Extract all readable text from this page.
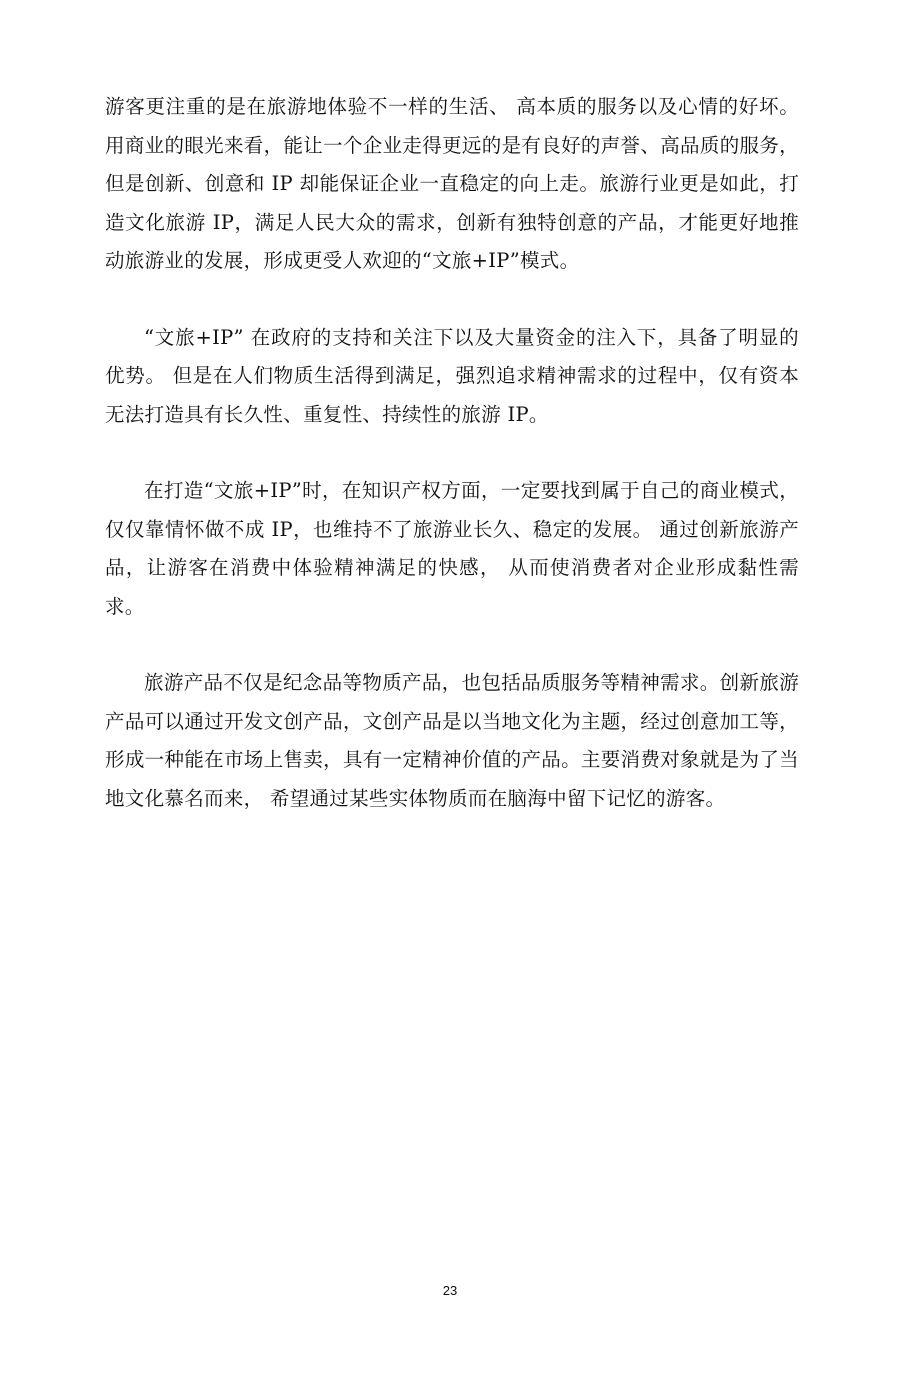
游客更注重的是在旅游地体验不一样的生活、 高本质的服务以及心情的好坏。用商业的眼光来看，能让一个企业走得更远的是有良好的声誉、高品质的服务，但是创新、创意和 IP 却能保证企业一直稳定的向上走。旅游行业更是如此，打造文化旅游 IP，满足人民大众的需求，创新有独特创意的产品，才能更好地推动旅游业的发展，形成更受人欢迎的“文旅+IP”模式。

“文旅+IP” 在政府的支持和关注下以及大量资金的注入下，具备了明显的优势。 但是在人们物质生活得到满足，强烈追求精神需求的过程中，仅有资本无法打造具有长久性、重复性、持续性的旅游 IP。

在打造“文旅+IP”时，在知识产权方面，一定要找到属于自己的商业模式，仅仅靠情怀做不成 IP，也维持不了旅游业长久、稳定的发展。 通过创新旅游产品，让游客在消费中体验精神满足的快感， 从而使消费者对企业形成黏性需求。

旅游产品不仅是纪念品等物质产品，也包括品质服务等精神需求。创新旅游产品可以通过开发文创产品，文创产品是以当地文化为主题，经过创意加工等，形成一种能在市场上售卖，具有一定精神价值的产品。主要消费对象就是为了当地文化慕名而来， 希望通过某些实体物质而在脑海中留下记忆的游客。

23
